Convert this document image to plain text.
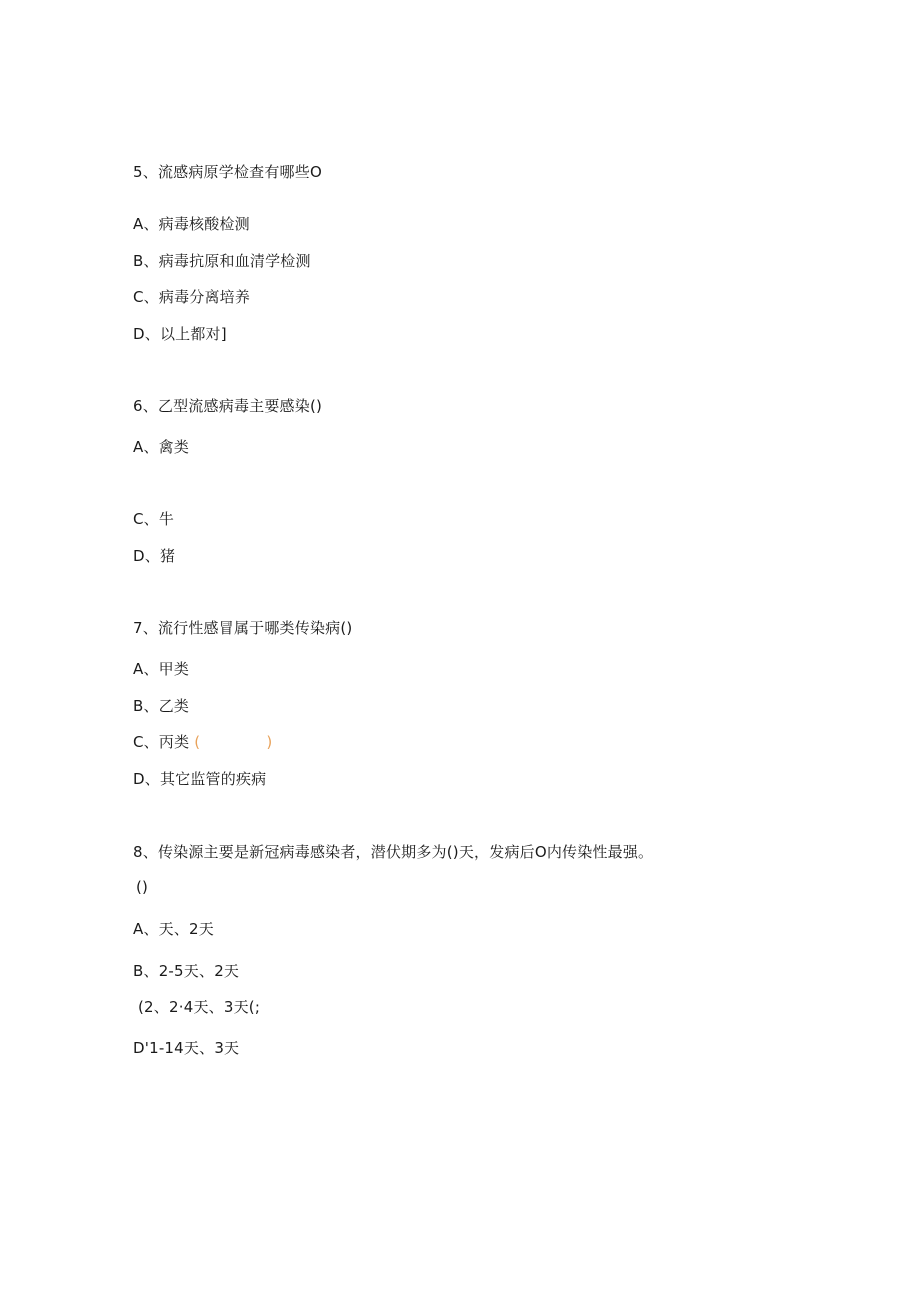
5、流感病原学检查有哪些O
A、病毒核酸检测
B、病毒抗原和血清学检测
C、病毒分离培养
D、以上都对]
6、乙型流感病毒主要感染()
A、禽类
C、牛
D、猪
7、流行性感冒属于哪类传染病()
A、甲类
B、乙类
C、丙类 (	)
D、其它监管的疾病
8、传染源主要是新冠病毒感染者，潜伏期多为()天，发病后O内传染性最强。
()
A、天、2天
B、2-5天、2天
(2、2·4天、3天(;
D'1-14天、3天
